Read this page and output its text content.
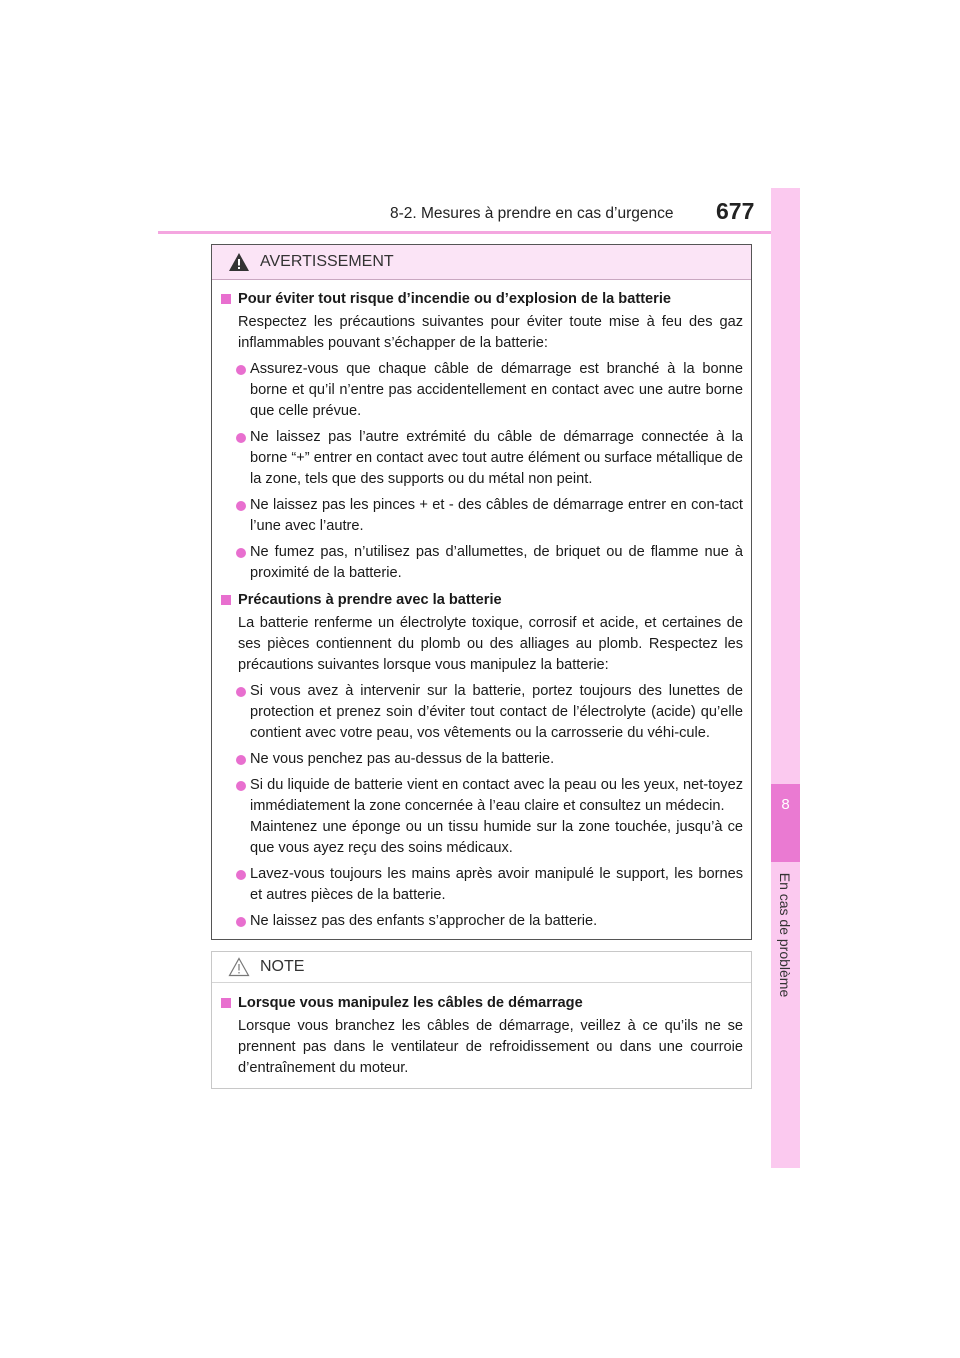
8-2. Mesures à prendre en cas d’urgence 677
8
En cas de problème
AVERTISSEMENT
Pour éviter tout risque d’incendie ou d’explosion de la batterie
Respectez les précautions suivantes pour éviter toute mise à feu des gaz inflammables pouvant s’échapper de la batterie:
Assurez-vous que chaque câble de démarrage est branché à la bonne borne et qu’il n’entre pas accidentellement en contact avec une autre borne que celle prévue.
Ne laissez pas l’autre extrémité du câble de démarrage connectée à la borne “+” entrer en contact avec tout autre élément ou surface métallique de la zone, tels que des supports ou du métal non peint.
Ne laissez pas les pinces + et - des câbles de démarrage entrer en con-tact l’une avec l’autre.
Ne fumez pas, n’utilisez pas d’allumettes, de briquet ou de flamme nue à proximité de la batterie.
Précautions à prendre avec la batterie
La batterie renferme un électrolyte toxique, corrosif et acide, et certaines de ses pièces contiennent du plomb ou des alliages au plomb. Respectez les précautions suivantes lorsque vous manipulez la batterie:
Si vous avez à intervenir sur la batterie, portez toujours des lunettes de protection et prenez soin d’éviter tout contact de l’électrolyte (acide) qu’elle contient avec votre peau, vos vêtements ou la carrosserie du véhi-cule.
Ne vous penchez pas au-dessus de la batterie.
Si du liquide de batterie vient en contact avec la peau ou les yeux, net-toyez immédiatement la zone concernée à l’eau claire et consultez un médecin.
Maintenez une éponge ou un tissu humide sur la zone touchée, jusqu’à ce que vous ayez reçu des soins médicaux.
Lavez-vous toujours les mains après avoir manipulé le support, les bornes et autres pièces de la batterie.
Ne laissez pas des enfants s’approcher de la batterie.
NOTE
Lorsque vous manipulez les câbles de démarrage
Lorsque vous branchez les câbles de démarrage, veillez à ce qu’ils ne se prennent pas dans le ventilateur de refroidissement ou dans une courroie d’entraînement du moteur.
